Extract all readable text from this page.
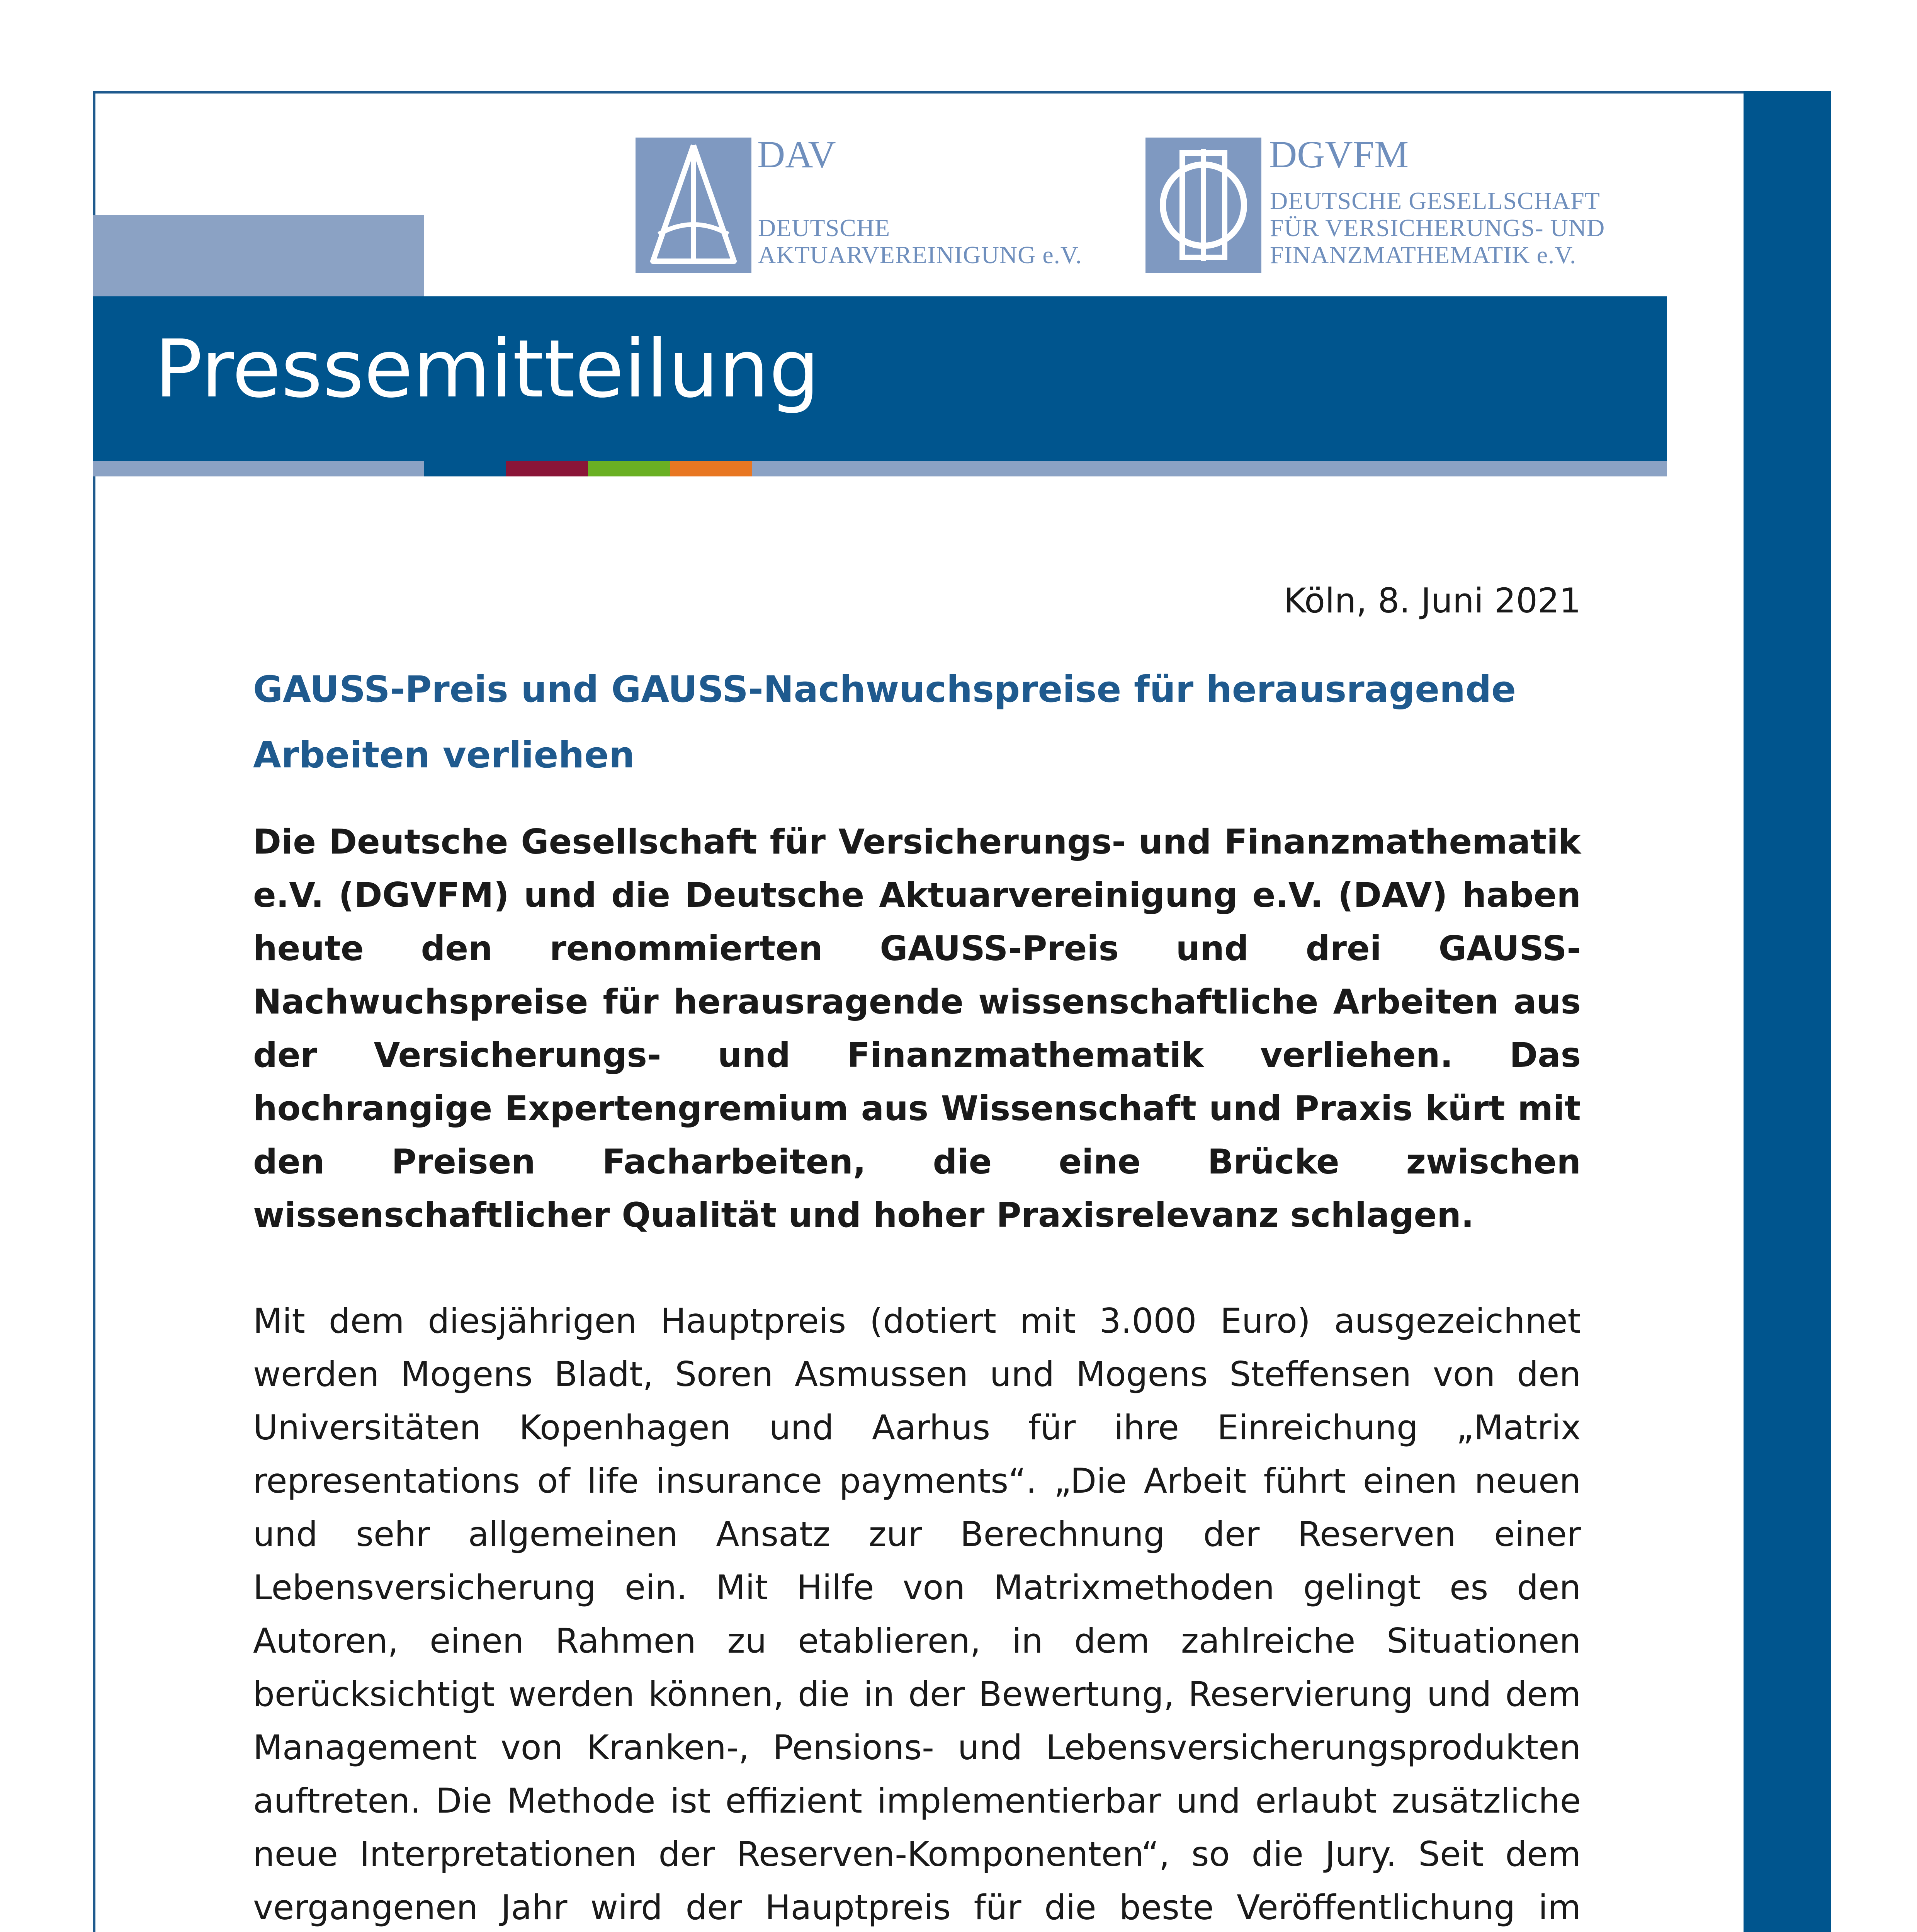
DAV
DEUTSCHE
AKTUARVEREINIGUNG e.V.
DGVFM
DEUTSCHE GESELLSCHAFT
FÜR VERSICHERUNGS- UND
FINANZMATHEMATIK e.V.
Pressemitteilung
Köln, 8. Juni 2021
GAUSS-Preis und GAUSS-Nachwuchspreise für herausragende Arbeiten verliehen
Die Deutsche Gesellschaft für Versicherungs- und Finanzmathematik e.V. (DGVFM) und die Deutsche Aktuarvereinigung e.V. (DAV) haben heute den renommierten GAUSS-Preis und drei GAUSS-Nachwuchspreise für herausragende wissenschaftliche Arbeiten aus der Versicherungs- und Finanzmathematik verliehen. Das hochrangige Expertengremium aus Wissenschaft und Praxis kürt mit den Preisen Facharbeiten, die eine Brücke zwischen wissenschaftlicher Qualität und hoher Praxisrelevanz schlagen.
Mit dem diesjährigen Hauptpreis (dotiert mit 3.000 Euro) ausgezeichnet werden Mogens Bladt, Soren Asmussen und Mogens Steffensen von den Universitäten Kopenhagen und Aarhus für ihre Einreichung „Matrix representations of life insurance payments“. „Die Arbeit führt einen neuen und sehr allgemeinen Ansatz zur Berechnung der Reserven einer Lebensversicherung ein. Mit Hilfe von Matrixmethoden gelingt es den Autoren, einen Rahmen zu etablieren, in dem zahlreiche Situationen berücksichtigt werden können, die in der Bewertung, Reservierung und dem Management von Kranken-, Pensions- und Lebensversicherungsprodukten auftreten. Die Methode ist effizient implementierbar und erlaubt zusätzliche neue Interpretationen der Reserven-Komponenten“, so die Jury. Seit dem vergangenen Jahr wird der Hauptpreis für die beste Veröffentlichung im
